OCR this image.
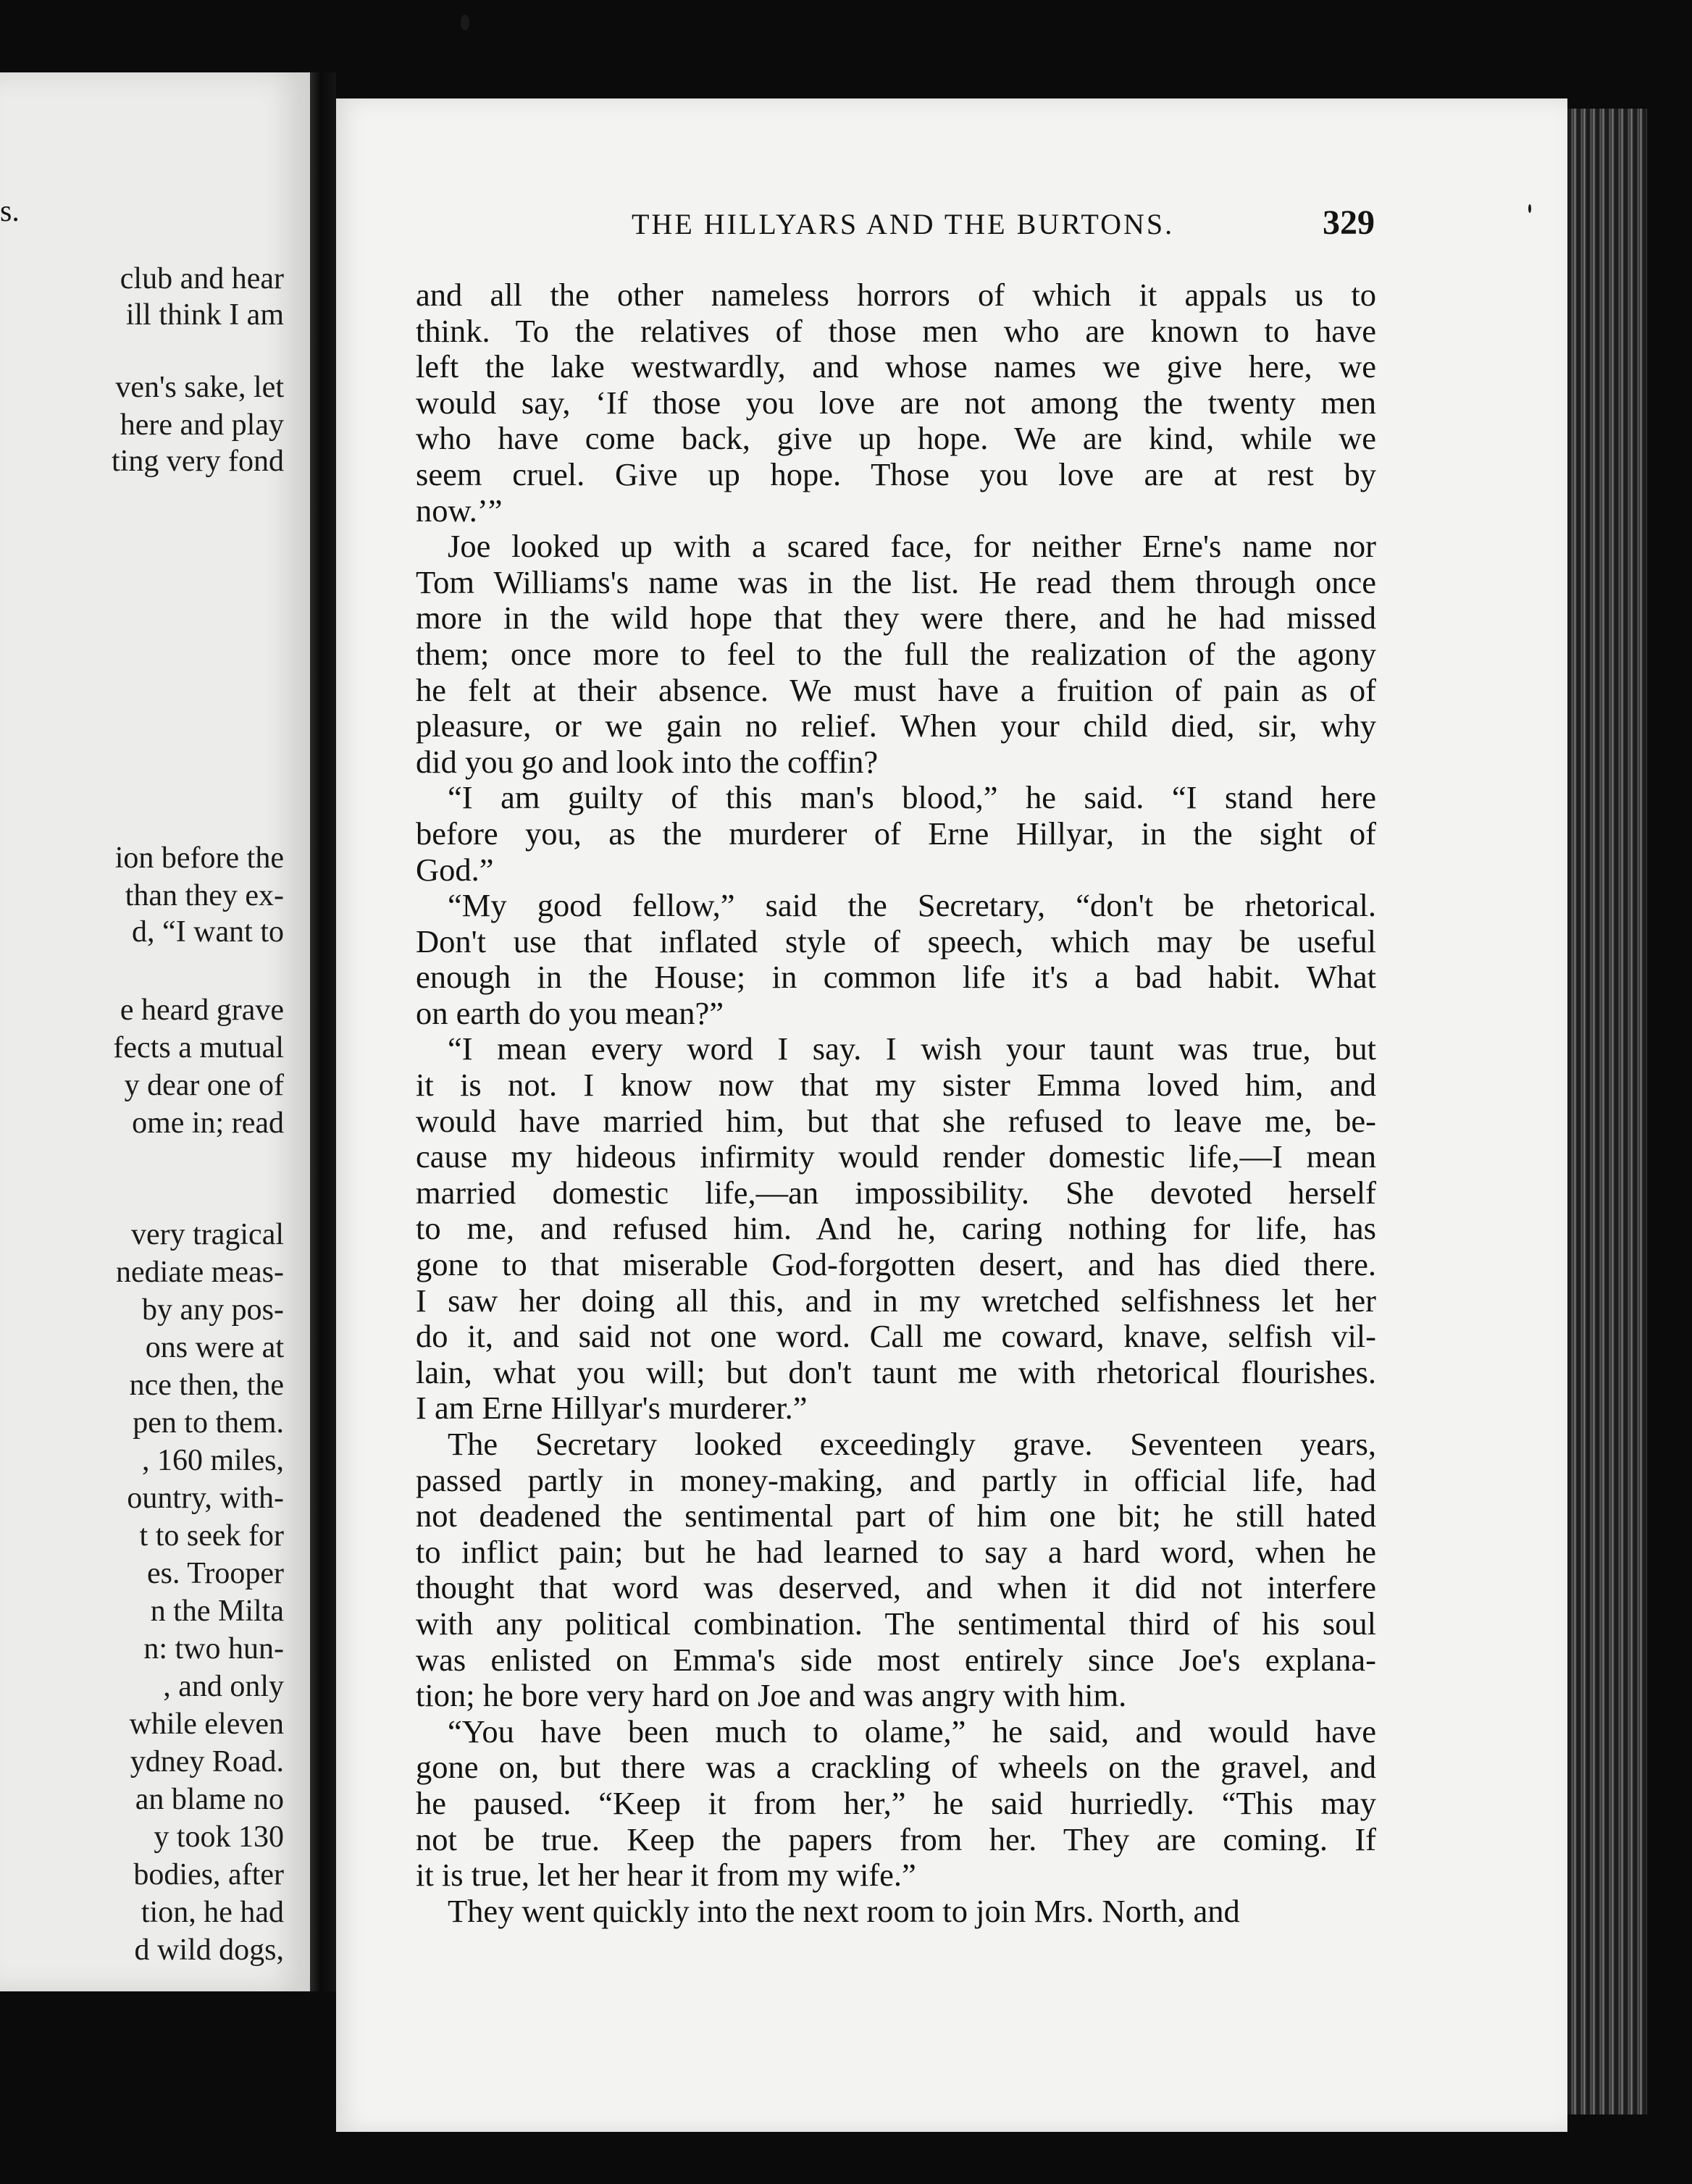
s.
club and hear
ill think I am
ven's sake, let
here and play
ting very fond
ion before the
than they ex-
d, “I want to
e heard grave
fects a mutual
y dear one of
ome in; read
very tragical
nediate meas-
by any pos-
ons were at
nce then, the
pen to them.
, 160 miles,
ountry, with-
t to seek for
es. Trooper
n the Milta
n: two hun-
, and only
while eleven
ydney Road.
an blame no
y took 130
bodies, after
tion, he had
d wild dogs,
THE HILLYARS AND THE BURTONS.	329
and all the other nameless horrors of which it appals us to
think. To the relatives of those men who are known to have
left the lake westwardly, and whose names we give here, we
would say, ‘If those you love are not among the twenty men
who have come back, give up hope. We are kind, while we
seem cruel. Give up hope. Those you love are at rest by
now.’”
Joe looked up with a scared face, for neither Erne's name nor
Tom Williams's name was in the list. He read them through once
more in the wild hope that they were there, and he had missed
them; once more to feel to the full the realization of the agony
he felt at their absence. We must have a fruition of pain as of
pleasure, or we gain no relief. When your child died, sir, why
did you go and look into the coffin?
“I am guilty of this man's blood,” he said. “I stand here
before you, as the murderer of Erne Hillyar, in the sight of
God.”
“My good fellow,” said the Secretary, “don't be rhetorical.
Don't use that inflated style of speech, which may be useful
enough in the House; in common life it's a bad habit. What
on earth do you mean?”
“I mean every word I say. I wish your taunt was true, but
it is not. I know now that my sister Emma loved him, and
would have married him, but that she refused to leave me, be-
cause my hideous infirmity would render domestic life,—I mean
married domestic life,—an impossibility. She devoted herself
to me, and refused him. And he, caring nothing for life, has
gone to that miserable God-forgotten desert, and has died there.
I saw her doing all this, and in my wretched selfishness let her
do it, and said not one word. Call me coward, knave, selfish vil-
lain, what you will; but don't taunt me with rhetorical flourishes.
I am Erne Hillyar's murderer.”
The Secretary looked exceedingly grave. Seventeen years,
passed partly in money-making, and partly in official life, had
not deadened the sentimental part of him one bit; he still hated
to inflict pain; but he had learned to say a hard word, when he
thought that word was deserved, and when it did not interfere
with any political combination. The sentimental third of his soul
was enlisted on Emma's side most entirely since Joe's explana-
tion; he bore very hard on Joe and was angry with him.
“You have been much to olame,” he said, and would have
gone on, but there was a crackling of wheels on the gravel, and
he paused. “Keep it from her,” he said hurriedly. “This may
not be true. Keep the papers from her. They are coming. If
it is true, let her hear it from my wife.”
They went quickly into the next room to join Mrs. North, and
